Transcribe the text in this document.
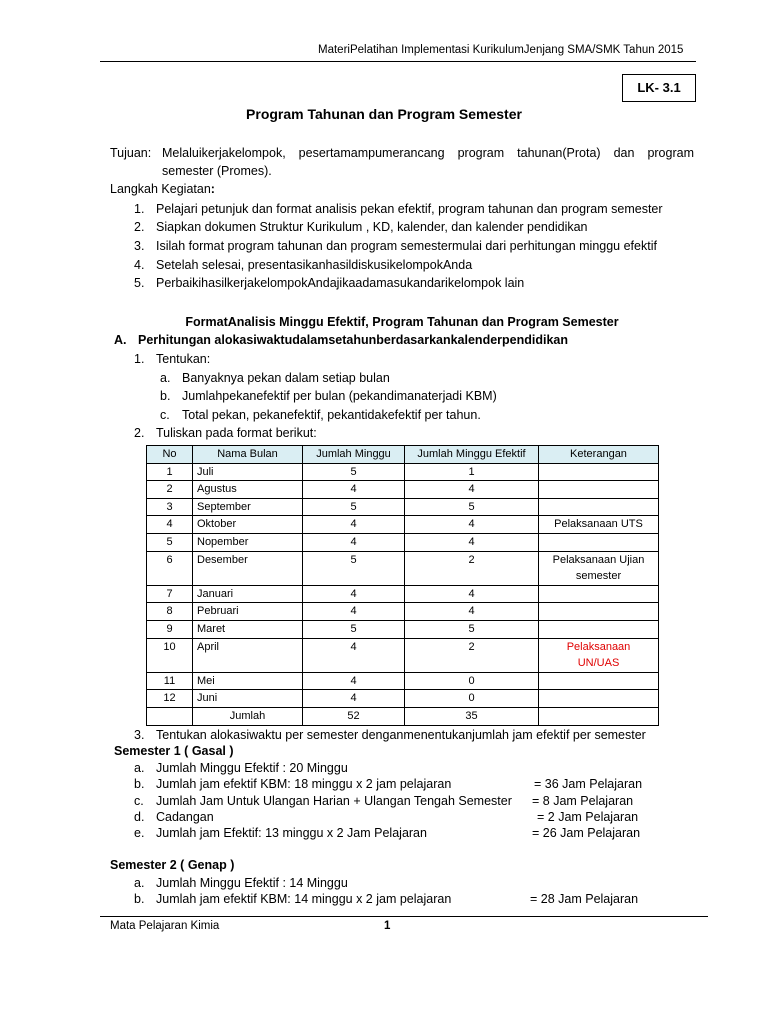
MateriPelatihan Implementasi KurikulumJenjang SMA/SMK Tahun 2015
LK- 3.1
Program Tahunan dan Program Semester
Tujuan: Melaluikerjakelompok, pesertamampumerancang program tahunan(Prota) dan program
semester (Promes).
Langkah Kegiatan:
1. Pelajari petunjuk dan format analisis pekan efektif, program tahunan dan program semester
2. Siapkan dokumen Struktur Kurikulum , KD, kalender, dan kalender pendidikan
3. Isilah format program tahunan dan program semestermulai dari perhitungan minggu efektif
4. Setelah selesai, presentasikanhasildiskusikelompokAnda
5. PerbaikihasilkerjakelompokAndajikaadamasukandarikelompok lain
FormatAnalisis Minggu Efektif, Program Tahunan dan Program Semester
A. Perhitungan alokasiwaktudalamsetahunberdasarkankalenderpendidikan
1. Tentukan:
a. Banyaknya pekan dalam setiap bulan
b. Jumlahpekanefektif per bulan (pekandimanaterjadi KBM)
c. Total pekan, pekanefektif, pekantidakefektif per tahun.
2. Tuliskan pada format berikut:
No	Nama Bulan	Jumlah Minggu	Jumlah Minggu Efektif	Keterangan
1	Juli	5	1	
2	Agustus	4	4	
3	September	5	5	
4	Oktober	4	4	Pelaksanaan UTS
5	Nopember	4	4	
6	Desember	5	2	Pelaksanaan Ujian
semester

7	Januari	4	4	
8	Pebruari	4	4	
9	Maret	5	5	
10	April	4	2	Pelaksanaan
UN/UAS

11	Mei	4	0	
12	Juni	4	0	
	Jumlah	52	35	
3. Tentukan alokasiwaktu per semester denganmenentukanjumlah jam efektif per semester
Semester 1 ( Gasal )
a. Jumlah Minggu Efektif : 20 Minggu
b. Jumlah jam efektif KBM: 18 minggu x 2 jam pelajaran	= 36 Jam Pelajaran
c. Jumlah Jam Untuk Ulangan Harian + Ulangan Tengah Semester = 8 Jam Pelajaran
d. Cadangan	= 2 Jam Pelajaran
e. Jumlah jam Efektif: 13 minggu x 2 Jam Pelajaran	= 26 Jam Pelajaran
Semester 2 ( Genap )
a. Jumlah Minggu Efektif : 14 Minggu
b. Jumlah jam efektif KBM: 14 minggu x 2 jam pelajaran	= 28 Jam Pelajaran
Mata Pelajaran Kimia	1
